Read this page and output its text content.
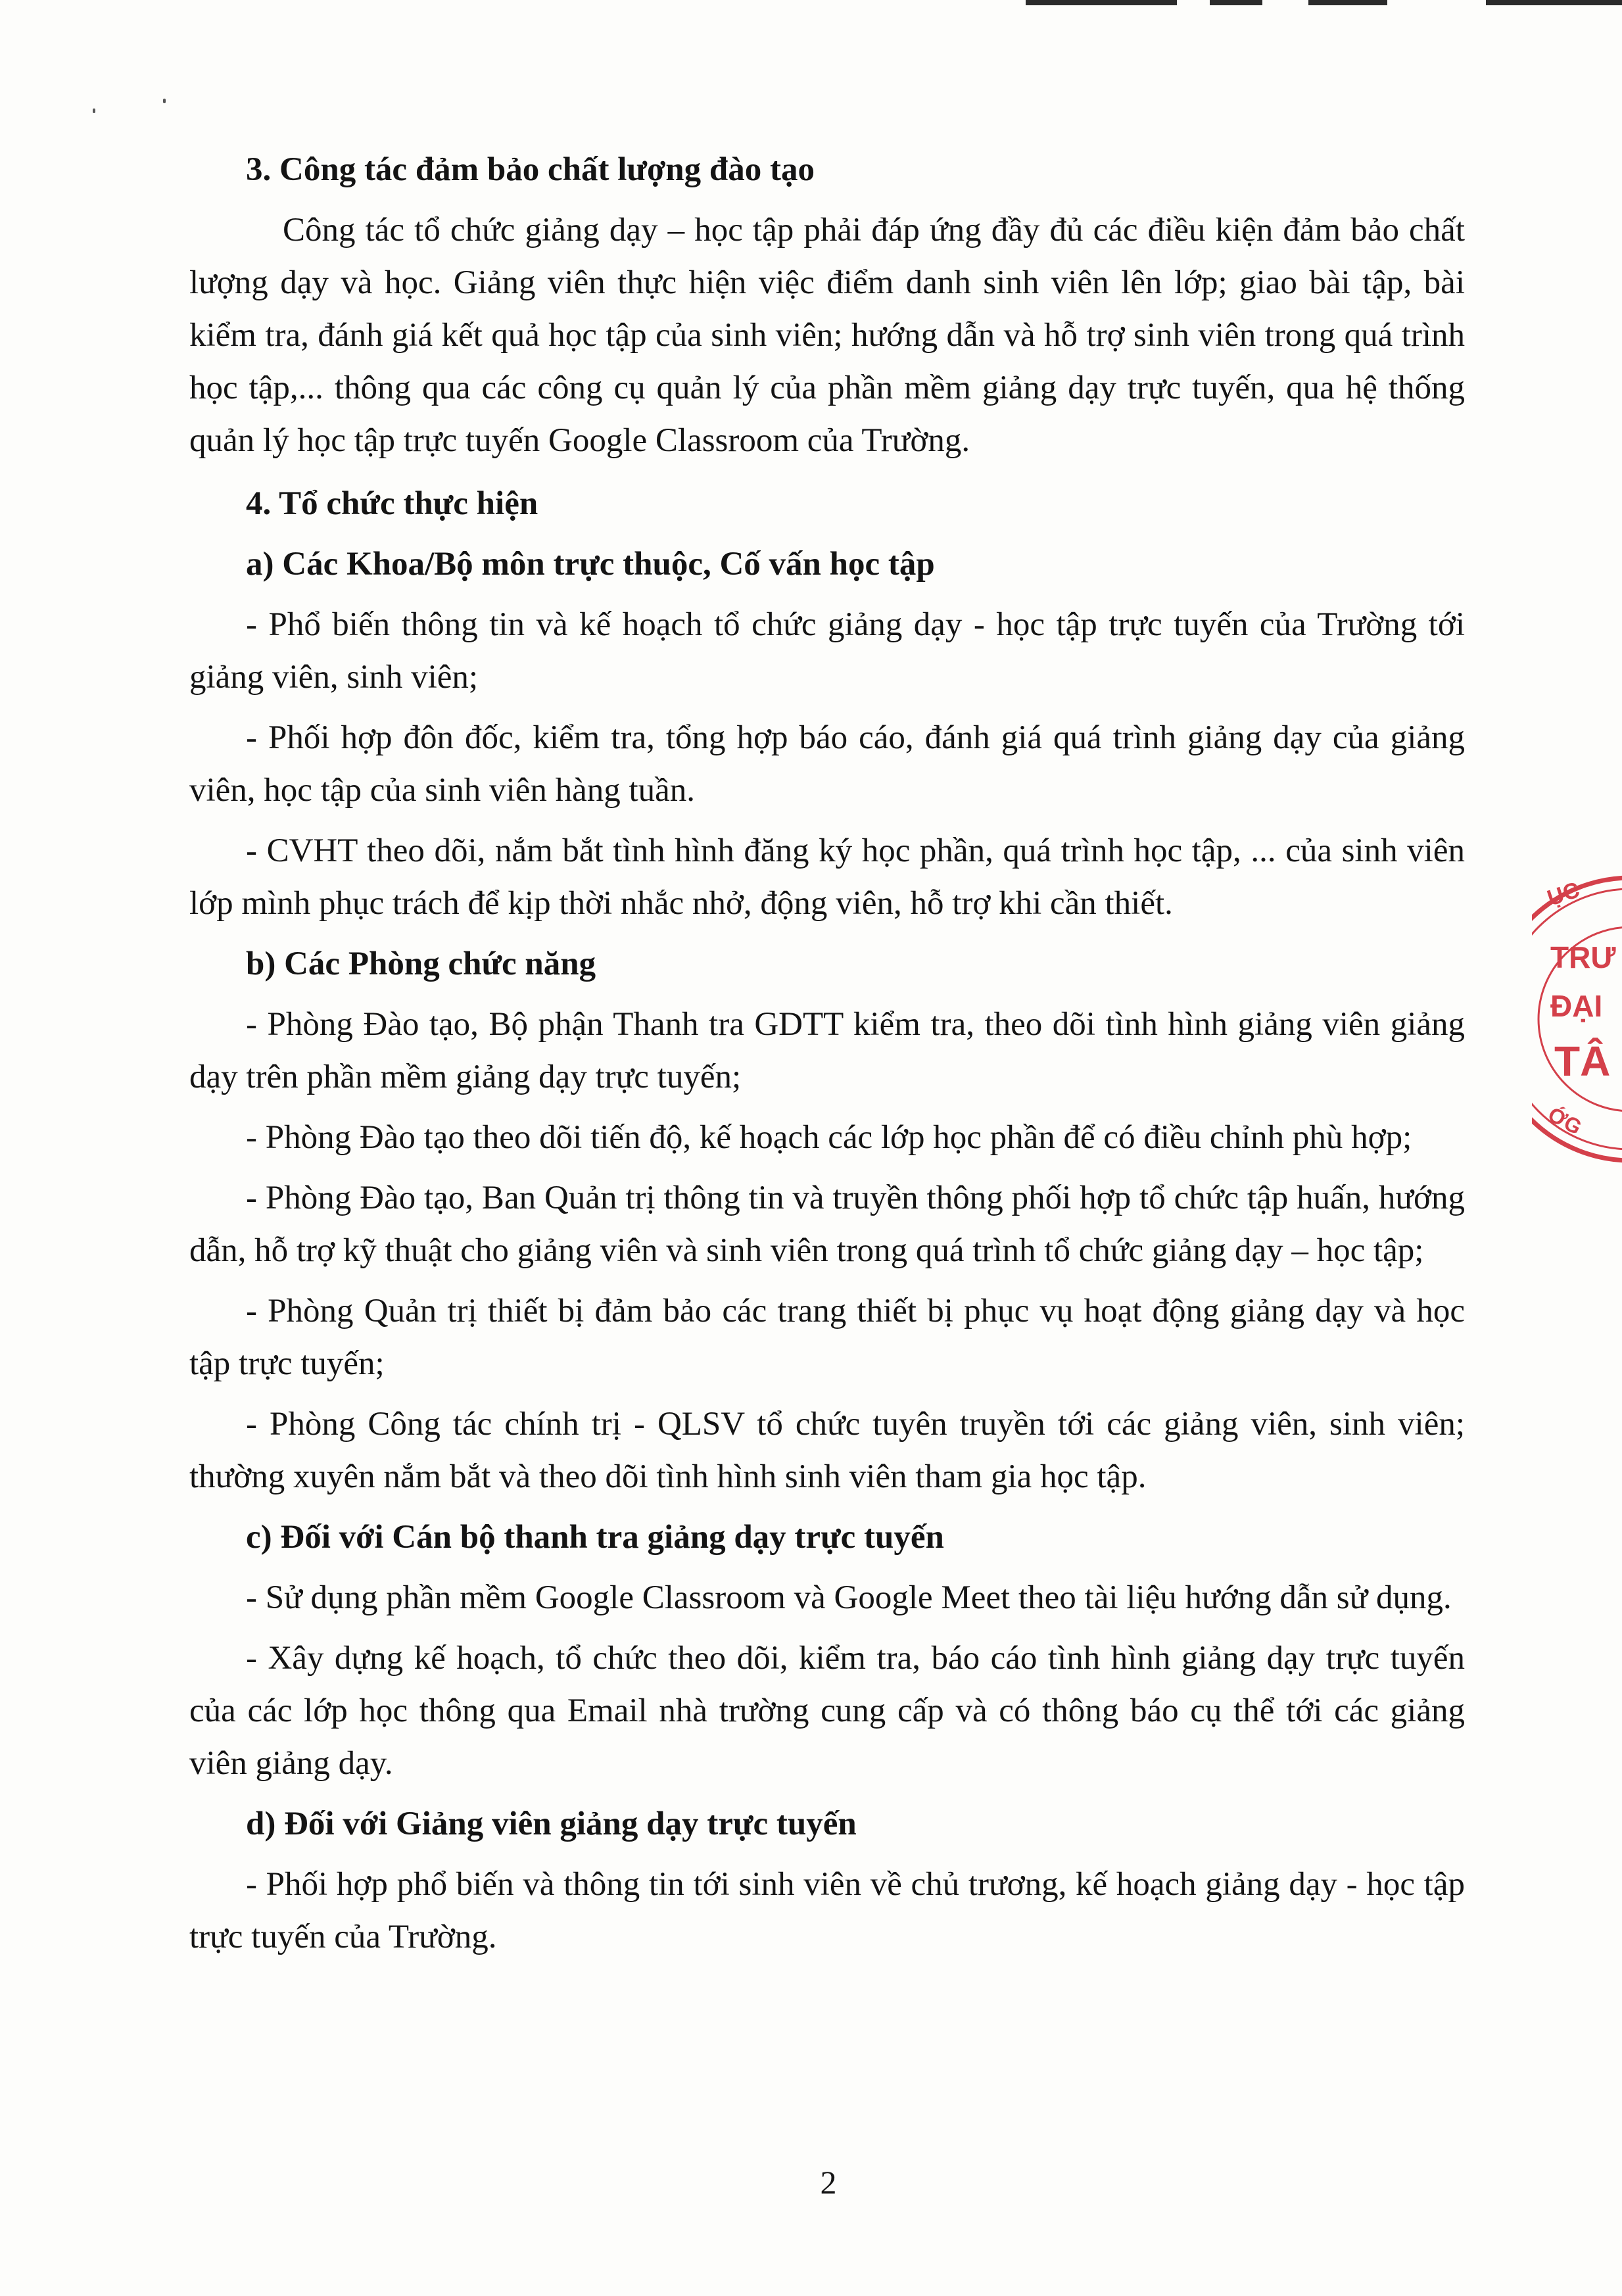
3. Công tác đảm bảo chất lượng đào tạo

Công tác tổ chức giảng dạy – học tập phải đáp ứng đầy đủ các điều kiện đảm bảo chất lượng dạy và học. Giảng viên thực hiện việc điểm danh sinh viên lên lớp; giao bài tập, bài kiểm tra, đánh giá kết quả học tập của sinh viên; hướng dẫn và hỗ trợ sinh viên trong quá trình học tập,... thông qua các công cụ quản lý của phần mềm giảng dạy trực tuyến, qua hệ thống quản lý học tập trực tuyến Google Classroom của Trường.

4. Tổ chức thực hiện
a) Các Khoa/Bộ môn trực thuộc, Cố vấn học tập

- Phổ biến thông tin và kế hoạch tổ chức giảng dạy - học tập trực tuyến của Trường tới giảng viên, sinh viên;

- Phối hợp đôn đốc, kiểm tra, tổng hợp báo cáo, đánh giá quá trình giảng dạy của giảng viên, học tập của sinh viên hàng tuần.

- CVHT theo dõi, nắm bắt tình hình đăng ký học phần, quá trình học tập, ... của sinh viên lớp mình phục trách để kịp thời nhắc nhở, động viên, hỗ trợ khi cần thiết.

b) Các Phòng chức năng

- Phòng Đào tạo, Bộ phận Thanh tra GDTT kiểm tra, theo dõi tình hình giảng viên giảng dạy trên phần mềm giảng dạy trực tuyến;

- Phòng Đào tạo theo dõi tiến độ, kế hoạch các lớp học phần để có điều chỉnh phù hợp;

- Phòng Đào tạo, Ban Quản trị thông tin và truyền thông phối hợp tổ chức tập huấn, hướng dẫn, hỗ trợ kỹ thuật cho giảng viên và sinh viên trong quá trình tổ chức giảng dạy – học tập;

- Phòng Quản trị thiết bị đảm bảo các trang thiết bị phục vụ hoạt động giảng dạy và học tập trực tuyến;

- Phòng Công tác chính trị - QLSV tổ chức tuyên truyền tới các giảng viên, sinh viên; thường xuyên nắm bắt và theo dõi tình hình sinh viên tham gia học tập.

c) Đối với Cán bộ thanh tra giảng dạy trực tuyến

- Sử dụng phần mềm Google Classroom và Google Meet theo tài liệu hướng dẫn sử dụng.

- Xây dựng kế hoạch, tổ chức theo dõi, kiểm tra, báo cáo tình hình giảng dạy trực tuyến của các lớp học thông qua Email nhà trường cung cấp và có thông báo cụ thể tới các giảng viên giảng dạy.

d) Đối với Giảng viên giảng dạy trực tuyến

- Phối hợp phổ biến và thông tin tới sinh viên về chủ trương, kế hoạch giảng dạy - học tập trực tuyến của Trường.

2
ỤC
TRƯ
ĐẠI
TÂ
ỚG
